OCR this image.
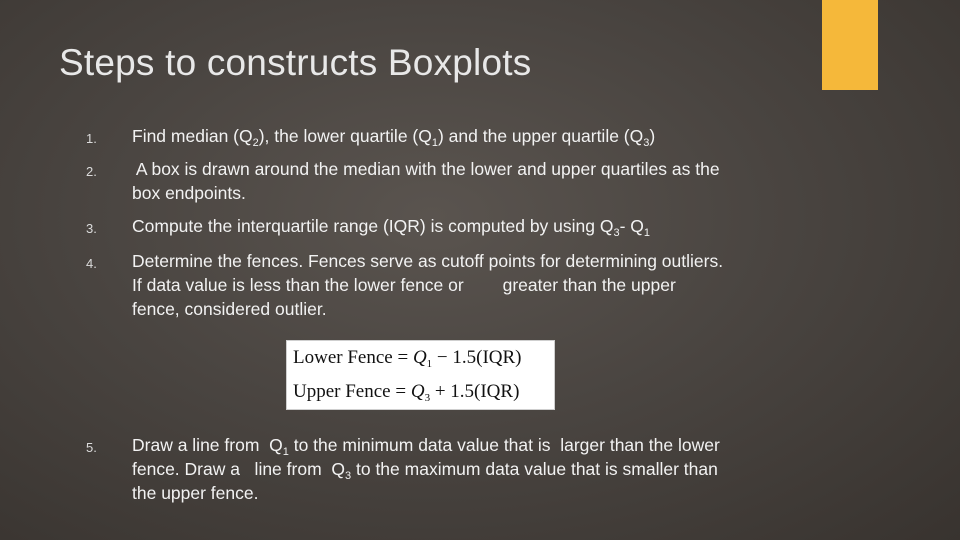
Steps to constructs Boxplots
1. Find median $(Q_2)$, the lower quartile $(Q_1)$ and the upper quartile $(Q_3)$
2. A box is drawn around the median with the lower and upper quartiles as the
box endpoints.
3. Compute the interquartile range (IQR) is computed by using $Q_3-$ $Q_1$
4. Determine the fences. Fences serve as cutoff points for determining outliers.
If data value is less than the lower fence or        greater than the upper
fence, considered outlier.
Lower Fence = $Q_1 - 1.5(IQR)$
Upper Fence = $Q_3 + 1.5(IQR)$
5. Draw a line from  $Q_1$ to the minimum data value that is  larger than the lower
fence. Draw a   line from  $Q_3$ to the maximum data value that is smaller than
the upper fence.
